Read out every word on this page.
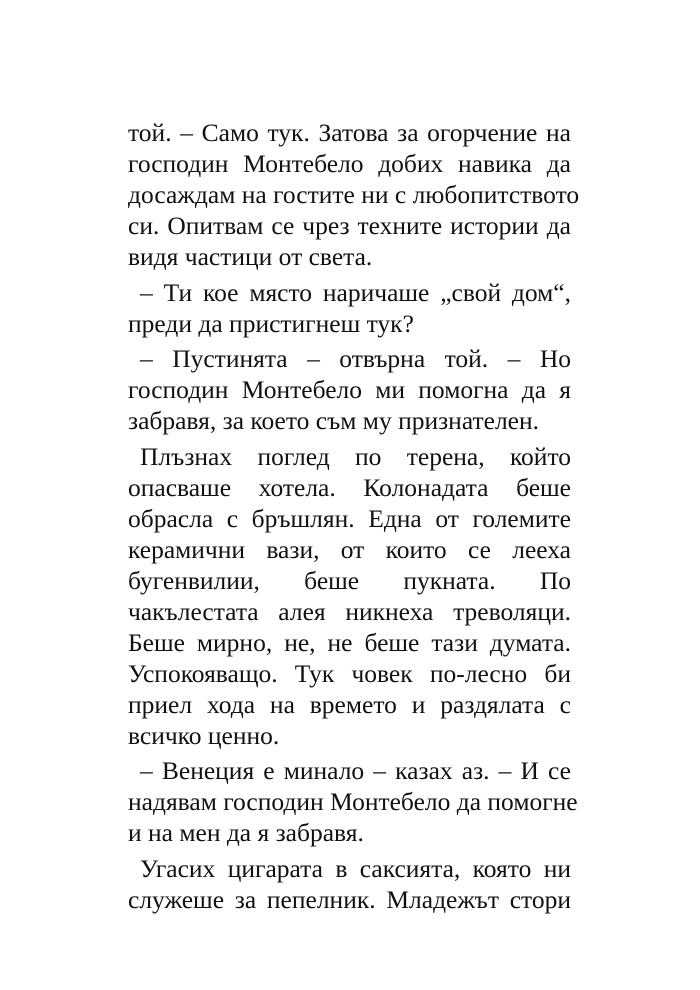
той. – Само тук. Затова за огорчение на
господин Монтебело добих навика да
досаждам на гостите ни с любопитството
си. Опитвам се чрез техните истории да
видя частици от света.
– Ти кое място наричаше „свой дом“,
преди да пристигнеш тук?
– Пустинята – отвърна той. – Но
господин Монтебело ми помогна да я
забравя, за което съм му признателен.
Плъзнах поглед по терена, който
опасваше хотела. Колонадата беше
обрасла с бръшлян. Една от големите
керамични вази, от които се лееха
бугенвилии, беше пукната. По
чакълестата алея никнеха треволяци.
Беше мирно, не, не беше тази думата.
Успокояващо. Тук човек по-лесно би
приел хода на времето и раздялата с
всичко ценно.
– Венеция е минало – казах аз. – И се
надявам господин Монтебело да помогне
и на мен да я забравя.
Угасих цигарата в саксията, която ни
служеше за пепелник. Младежът стори
